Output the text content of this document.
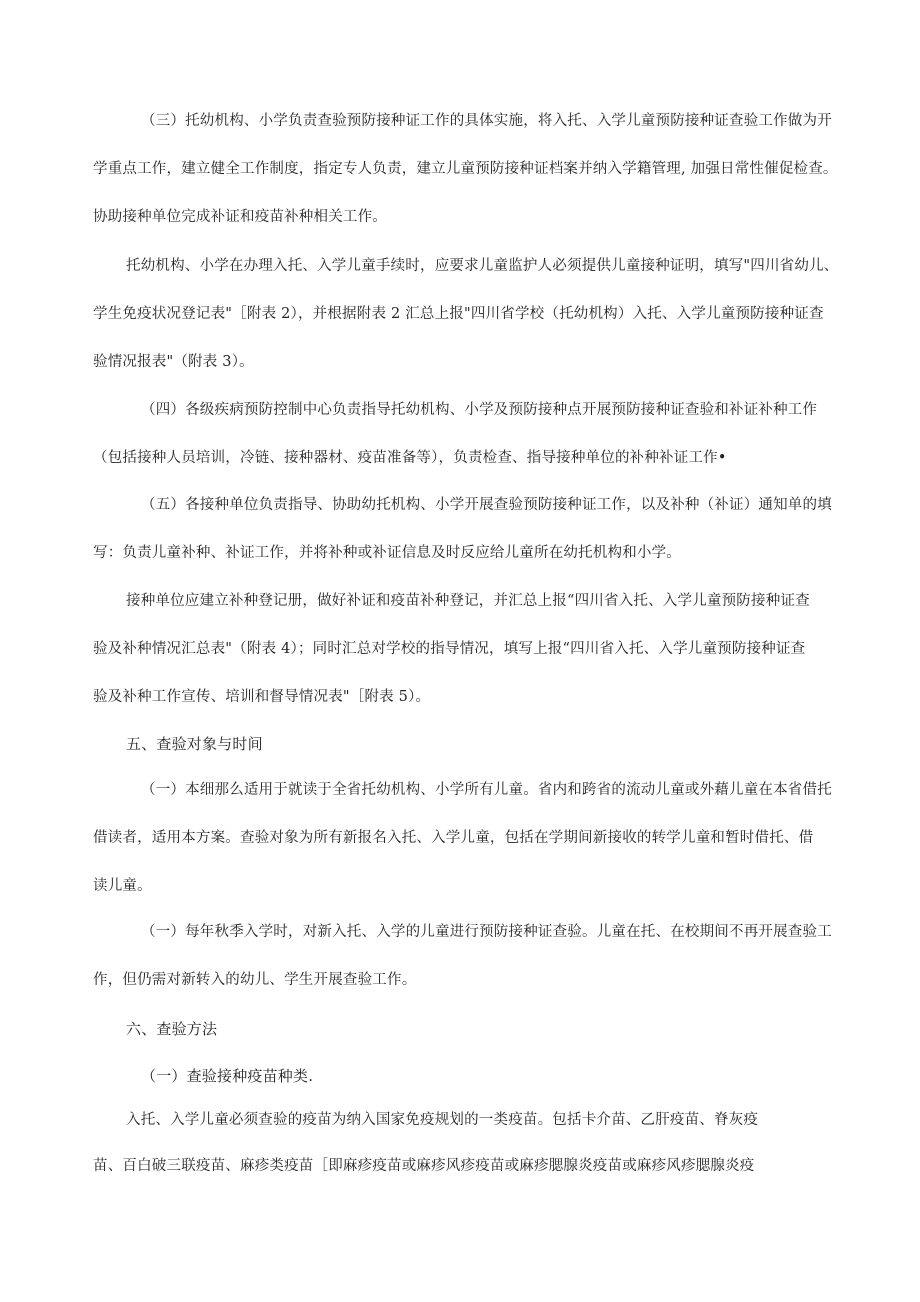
（三）托幼机构、小学负责查验预防接种证工作的具体实施，将入托、入学儿童预防接种证查验工作做为开
学重点工作，建立健全工作制度，指定专人负责，建立儿童预防接种证档案并纳入学籍管理, 加强日常性催促检查。
协助接种单位完成补证和疫苗补种相关工作。
托幼机构、小学在办理入托、入学儿童手续时，应要求儿童监护人必须提供儿童接种证明，填写"四川省幼儿、
学生免疫状况登记表"［附表 2），并根据附表 2 汇总上报"四川省学校（托幼机构）入托、入学儿童预防接种证查
验情况报表"（附表 3）。
（四）各级疾病预防控制中心负责指导托幼机构、小学及预防接种点开展预防接种证查验和补证补种工作
（包括接种人员培训，冷链、接种器材、疫苗准备等），负责检查、指导接种单位的补种补证工作•
（五）各接种单位负责指导、协助幼托机构、小学开展查验预防接种证工作，以及补种（补证）通知单的填
写：负责儿童补种、补证工作，并将补种或补证信息及时反应给儿童所在幼托机构和小学。
接种单位应建立补种登记册，做好补证和疫苗补种登记，并汇总上报“四川省入托、入学儿童预防接种证查
验及补种情况汇总表"（附表 4）；同时汇总对学校的指导情况，填写上报“四川省入托、入学儿童预防接种证查
验及补种工作宣传、培训和督导情况表"［附表 5）。
五、查验对象与时间
（一）本细那么适用于就读于全省托幼机构、小学所有儿童。省内和跨省的流动儿童或外藉儿童在本省借托
借读者，适用本方案。查验对象为所有新报名入托、入学儿童，包括在学期间新接收的转学儿童和暂时借托、借
读儿童。
（一）每年秋季入学时，对新入托、入学的儿童进行预防接种证查验。儿童在托、在校期间不再开展查验工
作，但仍需对新转入的幼儿、学生开展查验工作。
六、查验方法
（一）查验接种疫苗种类.
入托、入学儿童必须查验的疫苗为纳入国家免疫规划的一类疫苗。包括卡介苗、乙肝疫苗、脊灰疫
苗、百白破三联疫苗、麻疹类疫苗［即麻疹疫苗或麻疹风疹疫苗或麻疹腮腺炎疫苗或麻疹风疹腮腺炎疫
